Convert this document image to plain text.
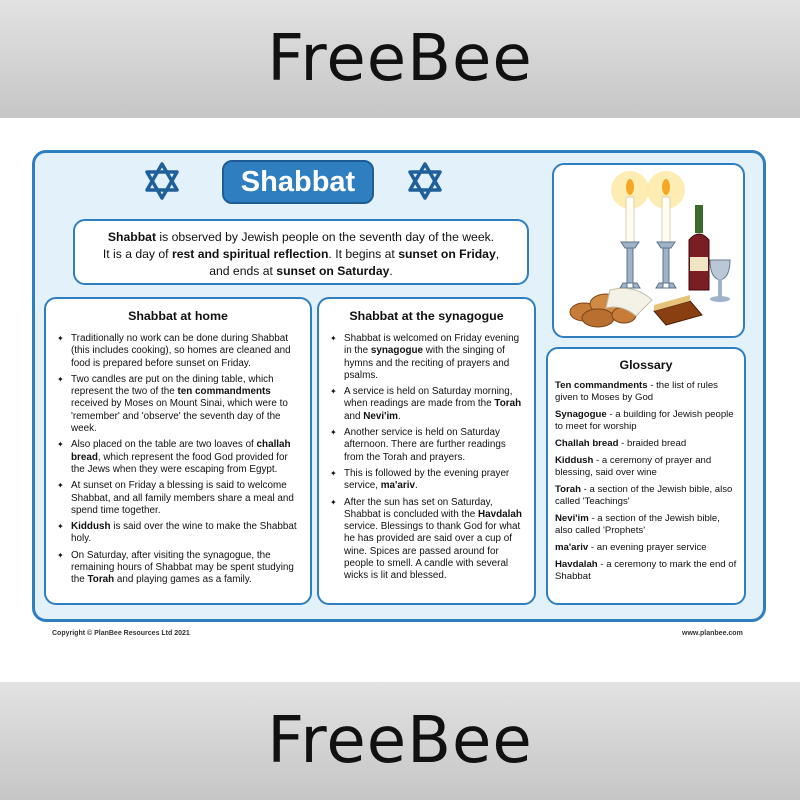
FreeBee
Shabbat
Shabbat is observed by Jewish people on the seventh day of the week.
It is a day of rest and spiritual reflection. It begins at sunset on Friday,
and ends at sunset on Saturday.
Shabbat at home
✦ Traditionally no work can be done during Shabbat (this includes cooking), so homes are cleaned and food is prepared before sunset on Friday.
✦ Two candles are put on the dining table, which represent the two of the ten commandments received by Moses on Mount Sinai, which were to 'remember' and 'observe' the seventh day of the week.
✦ Also placed on the table are two loaves of challah bread, which represent the food God provided for the Jews when they were escaping from Egypt.
✦ At sunset on Friday a blessing is said to welcome Shabbat, and all family members share a meal and spend time together.
✦ Kiddush is said over the wine to make the Shabbat holy.
✦ On Saturday, after visiting the synagogue, the remaining hours of Shabbat may be spent studying the Torah and playing games as a family.
Shabbat at the synagogue
✦ Shabbat is welcomed on Friday evening in the synagogue with the singing of hymns and the reciting of prayers and psalms.
✦ A service is held on Saturday morning, when readings are made from the Torah and Nevi'im.
✦ Another service is held on Saturday afternoon. There are further readings from the Torah and prayers.
✦ This is followed by the evening prayer service, ma'ariv.
✦ After the sun has set on Saturday, Shabbat is concluded with the Havdalah service. Blessings to thank God for what he has provided are said over a cup of wine. Spices are passed around for people to smell. A candle with several wicks is lit and blessed.
Glossary

Ten commandments - the list of rules given to Moses by God

Synagogue - a building for Jewish people to meet for worship

Challah bread - braided bread

Kiddush - a ceremony of prayer and blessing, said over wine

Torah - a section of the Jewish bible, also called 'Teachings'

Nevi'im - a section of the Jewish bible, also called 'Prophets'

ma'ariv - an evening prayer service

Havdalah - a ceremony to mark the end of Shabbat

Copyright © PlanBee Resources Ltd 2021	www.planbee.com
FreeBee
